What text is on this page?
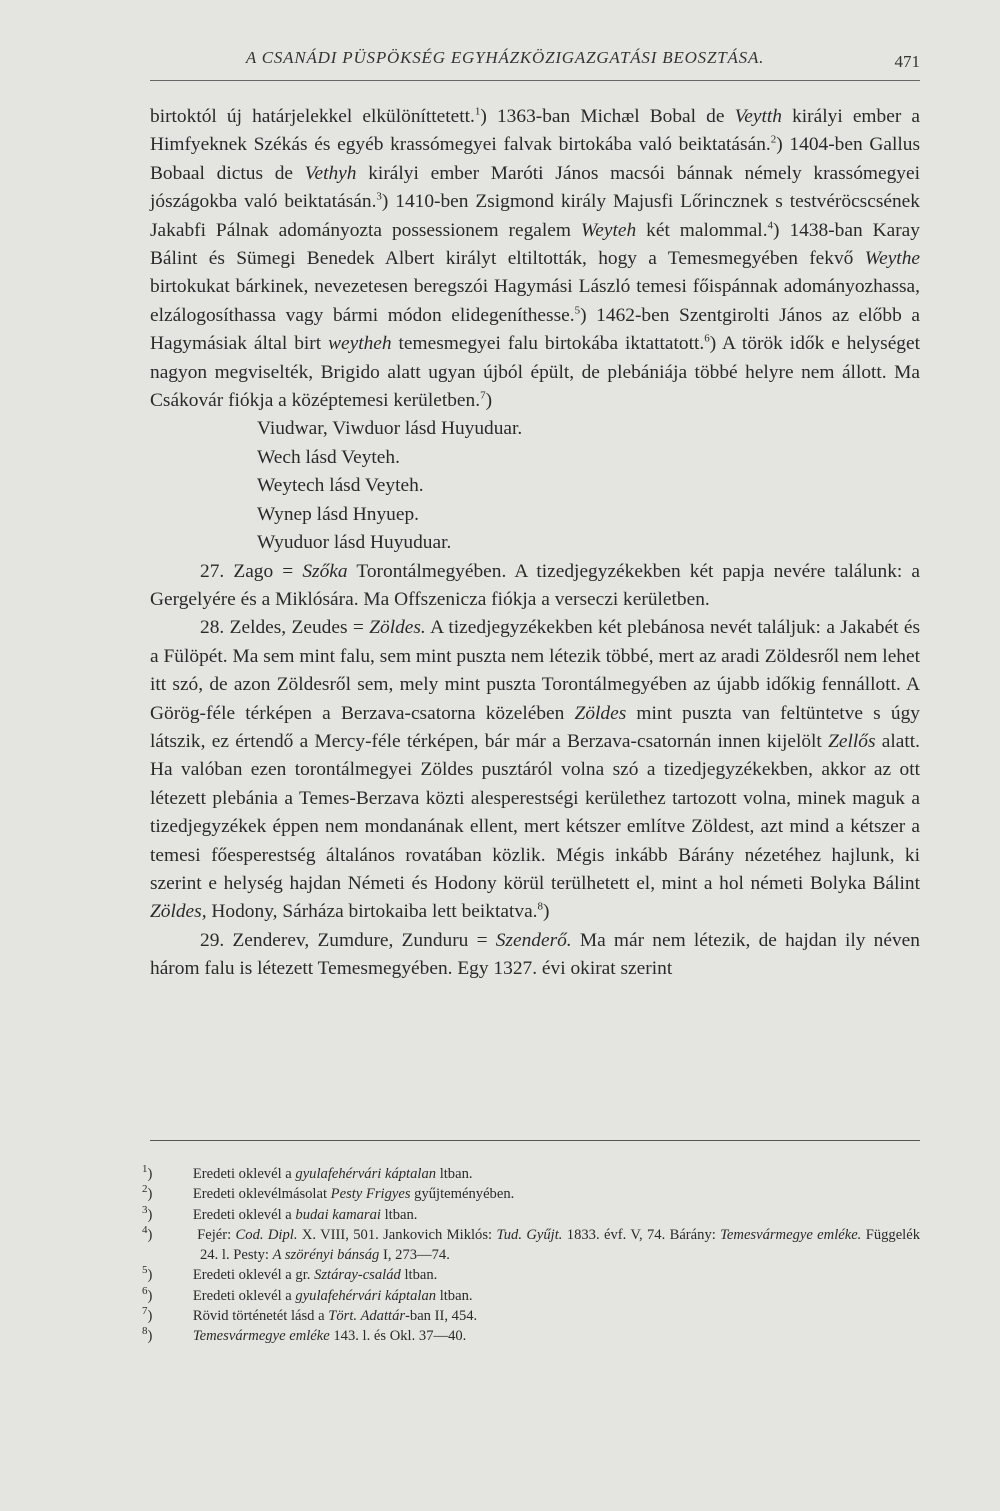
A CSANÁDI PÜSPÖKSÉG EGYHÁZKÖZIGAZGATÁSI BEOSZTÁSA.	471

birtoktól új határjelekkel elkülöníttetett.$^1$) 1363-ban Michæl Bobal de Veytth királyi ember a Himfyeknek Székás és egyéb krassómegyei falvak birtokába való beiktatásán.$^2$) 1404-ben Gallus Bobaal dictus de Vethyh királyi ember Maróti János macsói bánnak némely krassómegyei jószágokba való beiktatásán.$^3$) 1410-ben Zsigmond király Majusfi Lőrincznek s testvéröcscsének Jakabfi Pálnak adományozta possessionem regalem Weyteh két malommal.$^4$) 1438-ban Karay Bálint és Sümegi Benedek Albert királyt eltiltották, hogy a Temesmegyében fekvő Weythe birtokukat bárkinek, nevezetesen beregszói Hagymási László temesi főispánnak adományozhassa, elzálogosíthassa vagy bármi módon elidegeníthesse.$^5$) 1462-ben Szentgirolti János az előbb a Hagymásiak által birt weytheh temesmegyei falu birtokába iktattatott.$^6$) A török idők e helységet nagyon megviselték, Brigido alatt ugyan újból épült, de plebániája többé helyre nem állott. Ma Csákovár fiókja a középtemesi kerületben.$^7$)

Viudwar, Viwduor lásd Huyuduar.

Wech lásd Veyteh.

Weytech lásd Veyteh.

Wynep lásd Hnyuep.

Wyuduor lásd Huyuduar.

27. Zago = Szőka Torontálmegyében. A tizedjegyzékekben két papja nevére találunk: a Gergelyére és a Miklósára. Ma Offszenicza fiókja a verseczi kerületben.

28. Zeldes, Zeudes = Zöldes. A tizedjegyzékekben két plebánosa nevét találjuk: a Jakabét és a Fülöpét. Ma sem mint falu, sem mint puszta nem létezik többé, mert az aradi Zöldesről nem lehet itt szó, de azon Zöldesről sem, mely mint puszta Torontálmegyében az újabb időkig fennállott. A Görög-féle térképen a Berzava-csatorna közelében Zöldes mint puszta van feltüntetve s úgy látszik, ez értendő a Mercy-féle térképen, bár már a Berzava-csatornán innen kijelölt Zellős alatt. Ha valóban ezen torontálmegyei Zöldes pusztáról volna szó a tizedjegyzékekben, akkor az ott létezett plebánia a Temes-Berzava közti alesperestségi kerülethez tartozott volna, minek maguk a tizedjegyzékek éppen nem mondanának ellent, mert kétszer említve Zöldest, azt mind a kétszer a temesi főesperestség általános rovatában közlik. Mégis inkább Bárány nézetéhez hajlunk, ki szerint e helység hajdan Németi és Hodony körül terülhetett el, mint a hol németi Bolyka Bálint Zöldes, Hodony, Sárháza birtokaiba lett beiktatva.$^8$)

29. Zenderev, Zumdure, Zunduru = Szenderő. Ma már nem létezik, de hajdan ily néven három falu is létezett Temesmegyében. Egy 1327. évi okirat szerint

$^1$)	Eredeti oklevél a gyulafehérvári káptalan ltban.

$^2$)	Eredeti oklevélmásolat Pesty Frigyes gyűjteményében.

$^3$)	Eredeti oklevél a budai kamarai ltban.

$^4$)	Fejér: Cod. Dipl. X. VIII, 501. Jankovich Miklós: Tud. Gyűjt. 1833. évf. V, 74. Bárány: Temesvármegye emléke. Függelék 24. l. Pesty: A szörényi bánság I, 273—74.

$^5$)	Eredeti oklevél a gr. Sztáray-család ltban.

$^6$)	Eredeti oklevél a gyulafehérvári káptalan ltban.

$^7$)	Rövid történetét lásd a Tört. Adattár-ban II, 454.

$^8$)	Temesvármegye emléke 143. l. és Okl. 37—40.
